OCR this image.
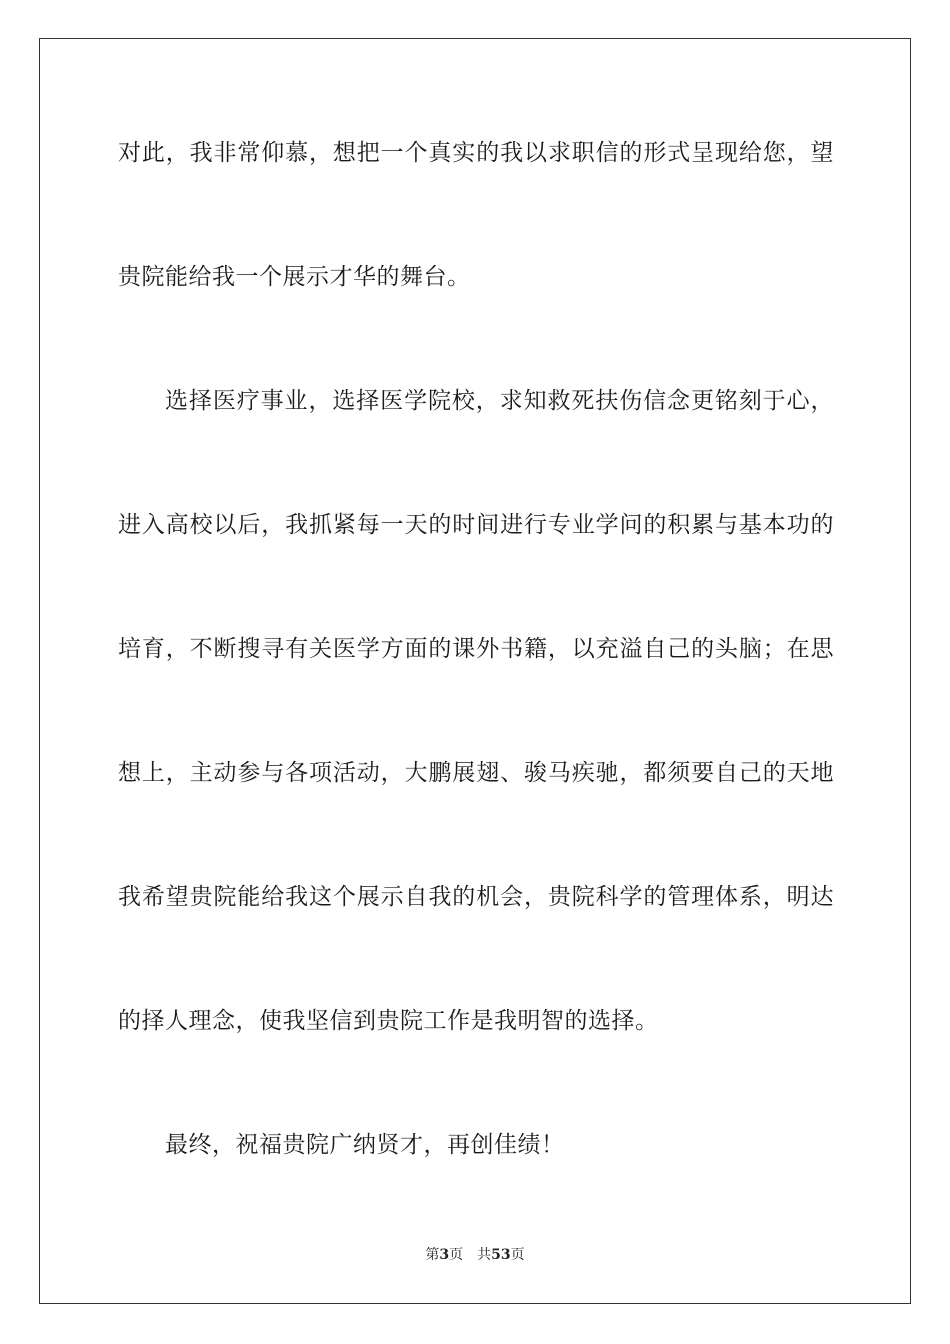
对此，我非常仰慕，想把一个真实的我以求职信的形式呈现给您，望
贵院能给我一个展示才华的舞台。
选择医疗事业，选择医学院校，求知救死扶伤信念更铭刻于心，
进入高校以后，我抓紧每一天的时间进行专业学问的积累与基本功的
培育，不断搜寻有关医学方面的课外书籍，以充溢自己的头脑；在思
想上，主动参与各项活动，大鹏展翅、骏马疾驰，都须要自己的天地
我希望贵院能给我这个展示自我的机会，贵院科学的管理体系，明达
的择人理念，使我坚信到贵院工作是我明智的选择。
最终，祝福贵院广纳贤才，再创佳绩！
第3页 共53页
